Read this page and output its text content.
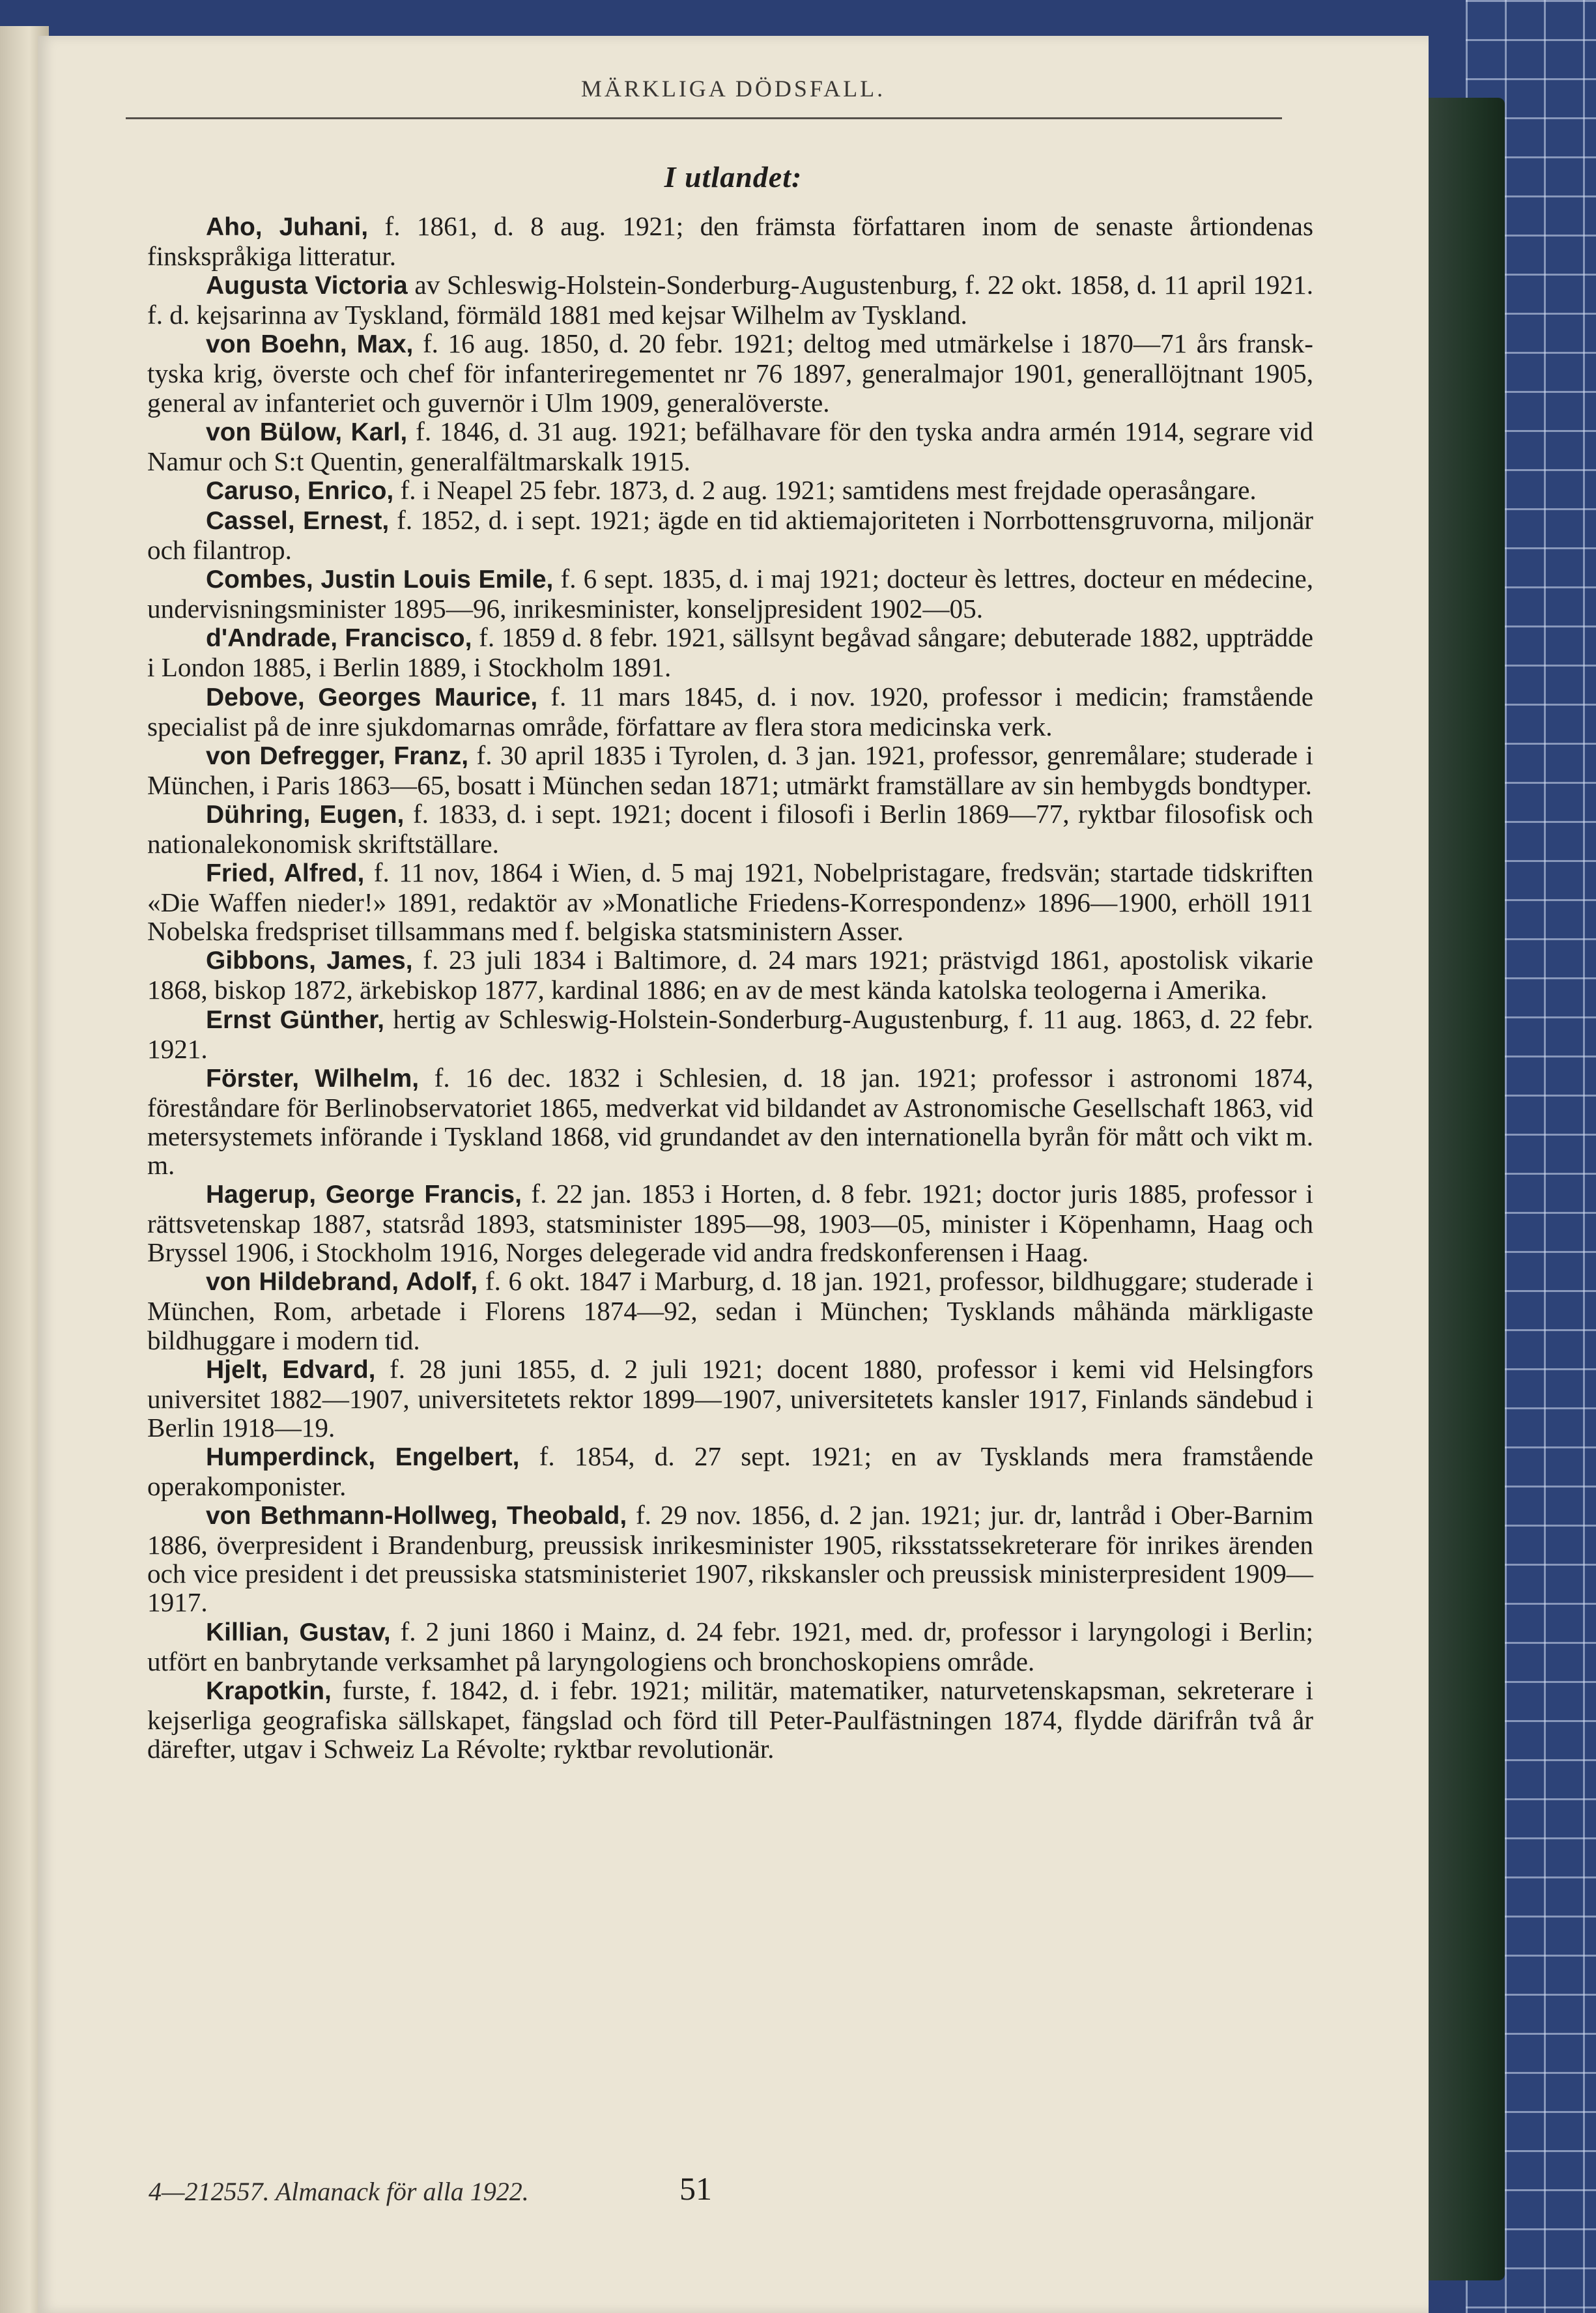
MÄRKLIGA DÖDSFALL.
I utlandet:

Aho, Juhani, f. 1861, d. 8 aug. 1921; den främsta författaren inom de senaste årtiondenas finskspråkiga litteratur.

Augusta Victoria av Schleswig-Holstein-Sonderburg-Augustenburg, f. 22 okt. 1858, d. 11 april 1921. f. d. kejsarinna av Tyskland, förmäld 1881 med kejsar Wilhelm av Tyskland.

von Boehn, Max, f. 16 aug. 1850, d. 20 febr. 1921; deltog med utmärkelse i 1870—71 års fransk-tyska krig, överste och chef för infanteriregementet nr 76 1897, generalmajor 1901, generallöjtnant 1905, general av infanteriet och guvernör i Ulm 1909, generalöverste.

von Bülow, Karl, f. 1846, d. 31 aug. 1921; befälhavare för den tyska andra armén 1914, segrare vid Namur och S:t Quentin, generalfältmarskalk 1915.

Caruso, Enrico, f. i Neapel 25 febr. 1873, d. 2 aug. 1921; samtidens mest frejdade operasångare.

Cassel, Ernest, f. 1852, d. i sept. 1921; ägde en tid aktiemajoriteten i Norrbottensgruvorna, miljonär och filantrop.

Combes, Justin Louis Emile, f. 6 sept. 1835, d. i maj 1921; docteur ès lettres, docteur en médecine, undervisningsminister 1895—96, inrikesminister, konseljpresident 1902—05.

d'Andrade, Francisco, f. 1859 d. 8 febr. 1921, sällsynt begåvad sångare; debuterade 1882, uppträdde i London 1885, i Berlin 1889, i Stockholm 1891.

Debove, Georges Maurice, f. 11 mars 1845, d. i nov. 1920, professor i medicin; framstående specialist på de inre sjukdomarnas område, författare av flera stora medicinska verk.

von Defregger, Franz, f. 30 april 1835 i Tyrolen, d. 3 jan. 1921, professor, genremålare; studerade i München, i Paris 1863—65, bosatt i München sedan 1871; utmärkt framställare av sin hembygds bondtyper.

Dühring, Eugen, f. 1833, d. i sept. 1921; docent i filosofi i Berlin 1869—77, ryktbar filosofisk och nationalekonomisk skriftställare.

Fried, Alfred, f. 11 nov, 1864 i Wien, d. 5 maj 1921, Nobelpristagare, fredsvän; startade tidskriften «Die Waffen nieder!» 1891, redaktör av »Monatliche Friedens-Korrespondenz» 1896—1900, erhöll 1911 Nobelska fredspriset tillsammans med f. belgiska statsministern Asser.

Gibbons, James, f. 23 juli 1834 i Baltimore, d. 24 mars 1921; prästvigd 1861, apostolisk vikarie 1868, biskop 1872, ärkebiskop 1877, kardinal 1886; en av de mest kända katolska teologerna i Amerika.

Ernst Günther, hertig av Schleswig-Holstein-Sonderburg-Augustenburg, f. 11 aug. 1863, d. 22 febr. 1921.

Förster, Wilhelm, f. 16 dec. 1832 i Schlesien, d. 18 jan. 1921; professor i astronomi 1874, föreståndare för Berlinobservatoriet 1865, medverkat vid bildandet av Astronomische Gesellschaft 1863, vid metersystemets införande i Tyskland 1868, vid grundandet av den internationella byrån för mått och vikt m. m.

Hagerup, George Francis, f. 22 jan. 1853 i Horten, d. 8 febr. 1921; doctor juris 1885, professor i rättsvetenskap 1887, statsråd 1893, statsminister 1895—98, 1903—05, minister i Köpenhamn, Haag och Bryssel 1906, i Stockholm 1916, Norges delegerade vid andra fredskonferensen i Haag.

von Hildebrand, Adolf, f. 6 okt. 1847 i Marburg, d. 18 jan. 1921, professor, bildhuggare; studerade i München, Rom, arbetade i Florens 1874—92, sedan i München; Tysklands måhända märkligaste bildhuggare i modern tid.

Hjelt, Edvard, f. 28 juni 1855, d. 2 juli 1921; docent 1880, professor i kemi vid Helsingfors universitet 1882—1907, universitetets rektor 1899—1907, universitetets kansler 1917, Finlands sändebud i Berlin 1918—19.

Humperdinck, Engelbert, f. 1854, d. 27 sept. 1921; en av Tysklands mera framstående operakomponister.

von Bethmann-Hollweg, Theobald, f. 29 nov. 1856, d. 2 jan. 1921; jur. dr, lantråd i Ober-Barnim 1886, överpresident i Brandenburg, preussisk inrikesminister 1905, riksstatssekreterare för inrikes ärenden och vice president i det preussiska statsministeriet 1907, rikskansler och preussisk ministerpresident 1909—1917.

Killian, Gustav, f. 2 juni 1860 i Mainz, d. 24 febr. 1921, med. dr, professor i laryngologi i Berlin; utfört en banbrytande verksamhet på laryngologiens och bronchoskopiens område.

Krapotkin, furste, f. 1842, d. i febr. 1921; militär, matematiker, naturvetenskapsman, sekreterare i kejserliga geografiska sällskapet, fängslad och förd till Peter-Paulfästningen 1874, flydde därifrån två år därefter, utgav i Schweiz La Révolte; ryktbar revolutionär.

4—212557. Almanack för alla 1922.	51
